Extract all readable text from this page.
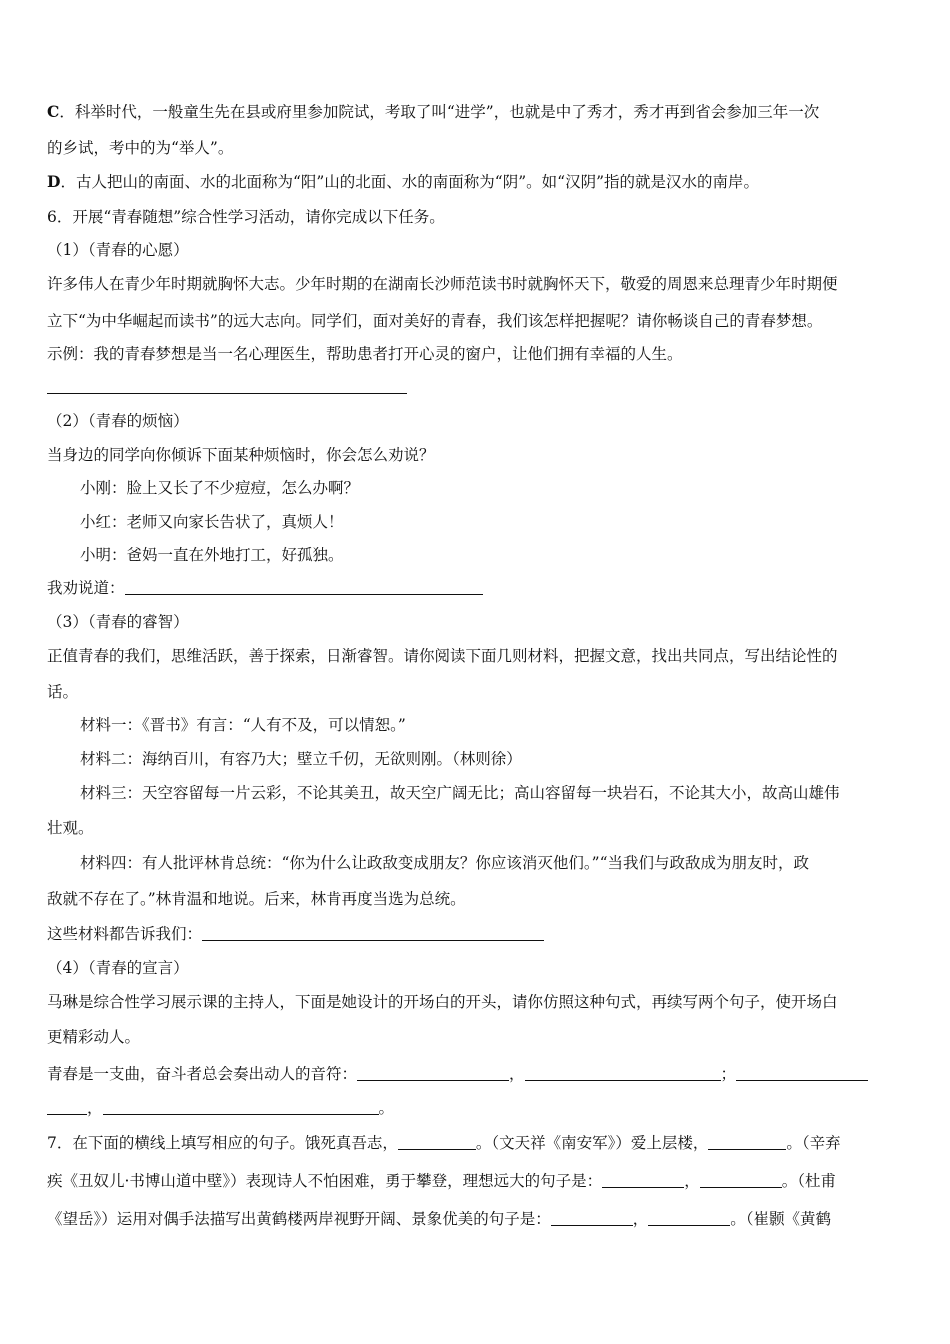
C．科举时代，一般童生先在县或府里参加院试，考取了叫“进学”，也就是中了秀才，秀才再到省会参加三年一次
的乡试，考中的为“举人”。
D．古人把山的南面、水的北面称为“阳”山的北面、水的南面称为“阴”。如“汉阴”指的就是汉水的南岸。
6．开展“青春随想”综合性学习活动，请你完成以下任务。
（1）（青春的心愿）
许多伟人在青少年时期就胸怀大志。少年时期的在湖南长沙师范读书时就胸怀天下，敬爱的周恩来总理青少年时期便
立下“为中华崛起而读书”的远大志向。同学们，面对美好的青春，我们该怎样把握呢？请你畅谈自己的青春梦想。
示例：我的青春梦想是当一名心理医生，帮助患者打开心灵的窗户，让他们拥有幸福的人生。
（2）（青春的烦恼）
当身边的同学向你倾诉下面某种烦恼时，你会怎么劝说？
小刚：脸上又长了不少痘痘，怎么办啊？
小红：老师又向家长告状了，真烦人！
小明：爸妈一直在外地打工，好孤独。
我劝说道：
（3）（青春的睿智）
正值青春的我们，思维活跃，善于探索，日渐睿智。请你阅读下面几则材料，把握文意，找出共同点，写出结论性的
话。
材料一：《晋书》有言：“人有不及，可以情恕。”
材料二：海纳百川，有容乃大；壁立千仞，无欲则刚。（林则徐）
材料三：天空容留每一片云彩，不论其美丑，故天空广阔无比；高山容留每一块岩石，不论其大小，故高山雄伟
壮观。
材料四：有人批评林肯总统：“你为什么让政敌变成朋友？你应该消灭他们。”“当我们与政敌成为朋友时，政
敌就不存在了。”林肯温和地说。后来，林肯再度当选为总统。
这些材料都告诉我们：
（4）（青春的宣言）
马琳是综合性学习展示课的主持人，下面是她设计的开场白的开头，请你仿照这种句式，再续写两个句子，使开场白
更精彩动人。
青春是一支曲，奋斗者总会奏出动人的音符：	，	；
，	。
7．在下面的横线上填写相应的句子。饿死真吾志，	。（文天祥《南安军》）爱上层楼，	。（辛弃
疾《丑奴儿·书博山道中壁》）表现诗人不怕困难，勇于攀登，理想远大的句子是：	，	。（杜甫
《望岳》）运用对偶手法描写出黄鹤楼两岸视野开阔、景象优美的句子是：	，	。（崔颢《黄鹤
